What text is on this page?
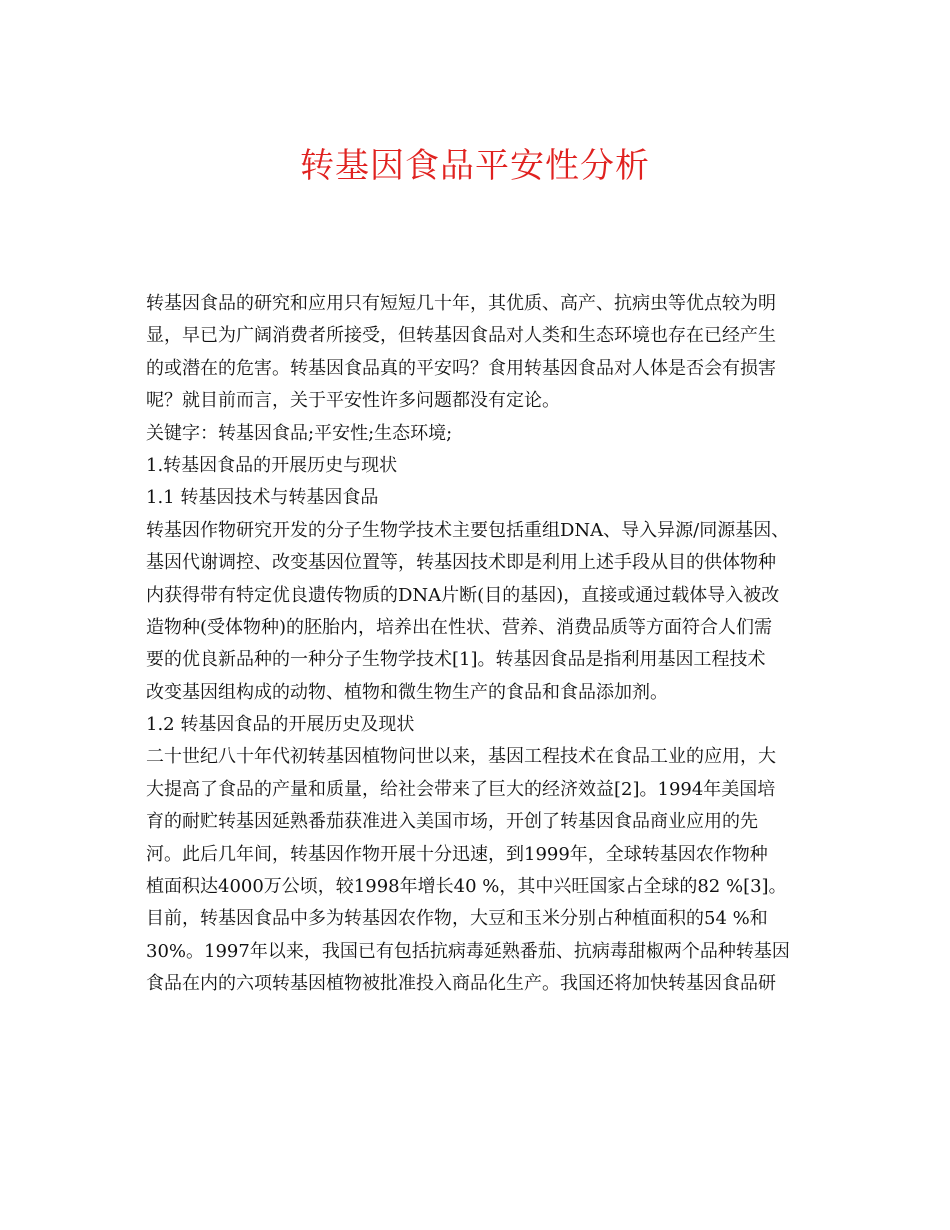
转基因食品平安性分析
转基因食品的研究和应用只有短短几十年，其优质、高产、抗病虫等优点较为明
显，早已为广阔消费者所接受，但转基因食品对人类和生态环境也存在已经产生
的或潜在的危害。转基因食品真的平安吗？食用转基因食品对人体是否会有损害
呢？就目前而言，关于平安性许多问题都没有定论。
关键字：转基因食品;平安性;生态环境;
1.转基因食品的开展历史与现状
1.1 转基因技术与转基因食品
转基因作物研究开发的分子生物学技术主要包括重组DNA、导入异源/同源基因、
基因代谢调控、改变基因位置等，转基因技术即是利用上述手段从目的供体物种
内获得带有特定优良遗传物质的DNA片断(目的基因)，直接或通过载体导入被改
造物种(受体物种)的胚胎内，培养出在性状、营养、消费品质等方面符合人们需
要的优良新品种的一种分子生物学技术[1]。转基因食品是指利用基因工程技术
改变基因组构成的动物、植物和微生物生产的食品和食品添加剂。
1.2 转基因食品的开展历史及现状
二十世纪八十年代初转基因植物问世以来，基因工程技术在食品工业的应用，大
大提高了食品的产量和质量，给社会带来了巨大的经济效益[2]。1994年美国培
育的耐贮转基因延熟番茄获准进入美国市场，开创了转基因食品商业应用的先
河。此后几年间，转基因作物开展十分迅速，到1999年，全球转基因农作物种
植面积达4000万公顷，较1998年增长40 %，其中兴旺国家占全球的82 %[3]。
目前，转基因食品中多为转基因农作物，大豆和玉米分别占种植面积的54 %和
30%。1997年以来，我国已有包括抗病毒延熟番茄、抗病毒甜椒两个品种转基因
食品在内的六项转基因植物被批准投入商品化生产。我国还将加快转基因食品研
